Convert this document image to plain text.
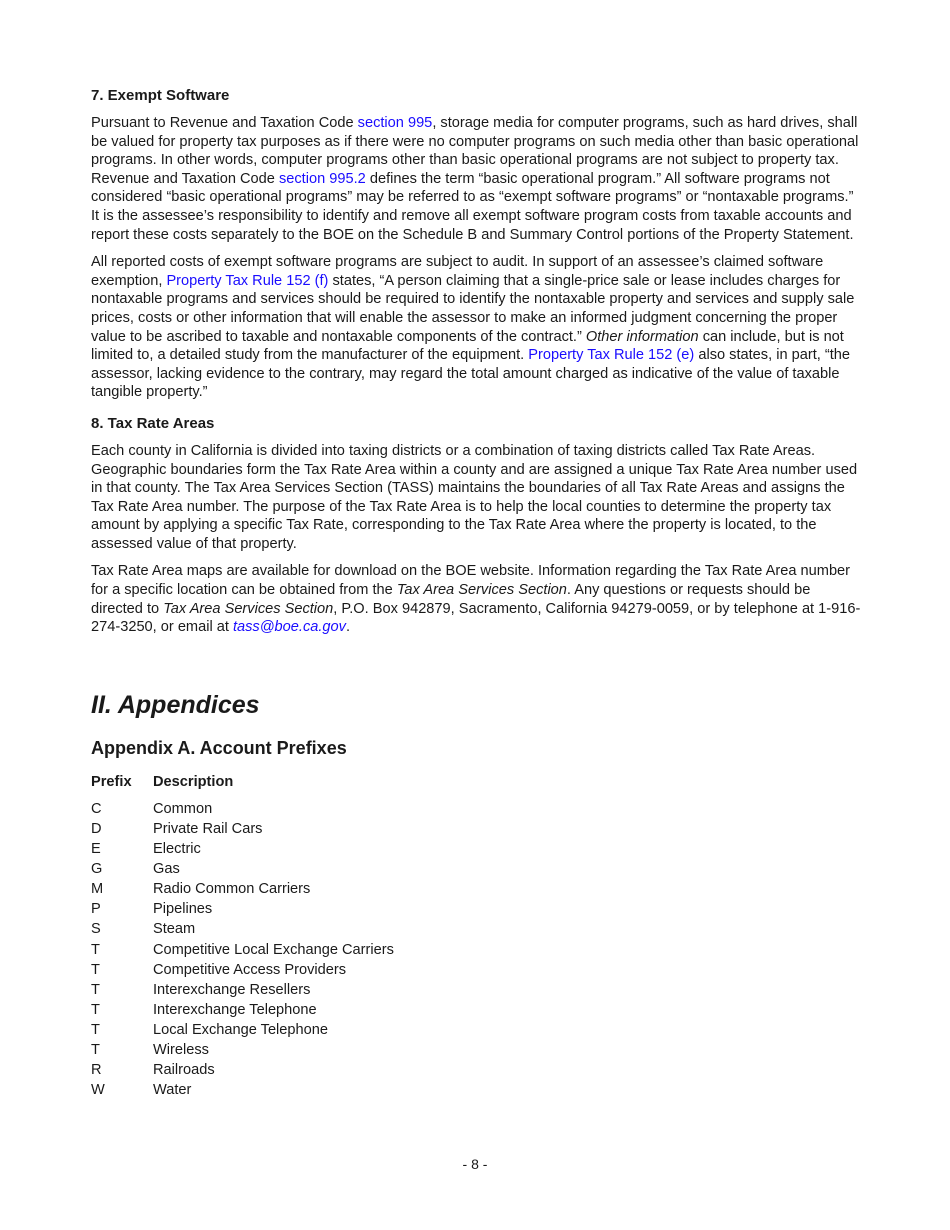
7. Exempt Software

Pursuant to Revenue and Taxation Code section 995, storage media for computer programs, such as hard drives, shall be valued for property tax purposes as if there were no computer programs on such media other than basic operational programs. In other words, computer programs other than basic operational programs are not subject to property tax. Revenue and Taxation Code section 995.2 defines the term “basic operational program.” All software programs not considered “basic operational programs” may be referred to as “exempt software programs” or “nontaxable programs.” It is the assessee’s responsibility to identify and remove all exempt software program costs from taxable accounts and report these costs separately to the BOE on the Schedule B and Summary Control portions of the Property Statement.

All reported costs of exempt software programs are subject to audit. In support of an assessee’s claimed software exemption, Property Tax Rule 152 (f) states, “A person claiming that a single-price sale or lease includes charges for nontaxable programs and services should be required to identify the nontaxable property and services and supply sale prices, costs or other information that will enable the assessor to make an informed judgment concerning the proper value to be ascribed to taxable and nontaxable components of the contract.” Other information can include, but is not limited to, a detailed study from the manufacturer of the equipment. Property Tax Rule 152 (e) also states, in part, “the assessor, lacking evidence to the contrary, may regard the total amount charged as indicative of the value of taxable tangible property.”

8. Tax Rate Areas

Each county in California is divided into taxing districts or a combination of taxing districts called Tax Rate Areas. Geographic boundaries form the Tax Rate Area within a county and are assigned a unique Tax Rate Area number used in that county. The Tax Area Services Section (TASS) maintains the boundaries of all Tax Rate Areas and assigns the Tax Rate Area number. The purpose of the Tax Rate Area is to help the local counties to determine the property tax amount by applying a specific Tax Rate, corresponding to the Tax Rate Area where the property is located, to the assessed value of that property.

Tax Rate Area maps are available for download on the BOE website. Information regarding the Tax Rate Area number for a specific location can be obtained from the Tax Area Services Section. Any questions or requests should be directed to Tax Area Services Section, P.O. Box 942879, Sacramento, California 94279-0059, or by telephone at 1-916-274-3250, or email at tass@boe.ca.gov.

II. Appendices
Appendix A. Account Prefixes
Prefix	Description
C	Common
D	Private Rail Cars
E	Electric
G	Gas
M	Radio Common Carriers
P	Pipelines
S	Steam
T	Competitive Local Exchange Carriers
T	Competitive Access Providers
T	Interexchange Resellers
T	Interexchange Telephone
T	Local Exchange Telephone
T	Wireless
R	Railroads
W	Water
- 8 -
